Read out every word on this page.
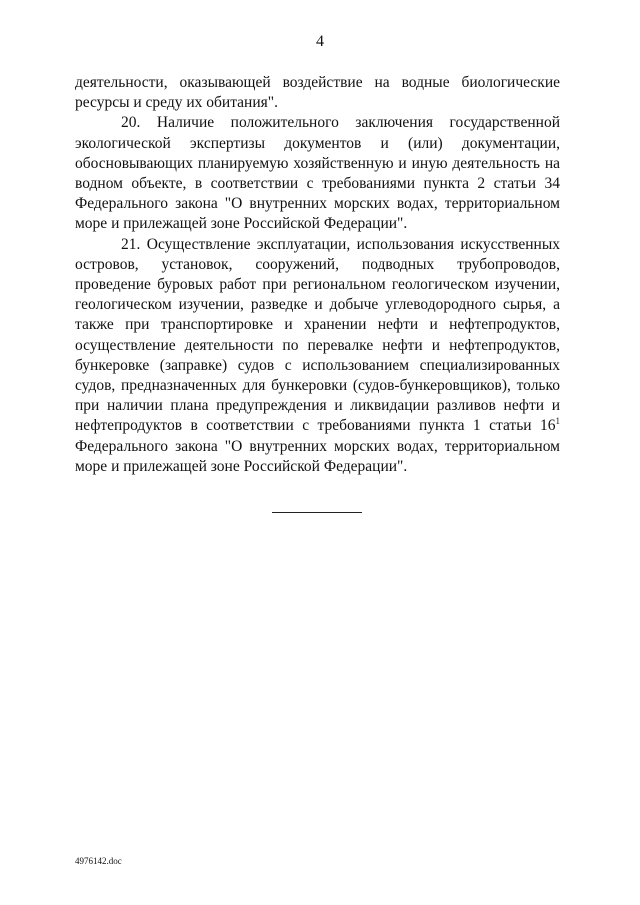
4

деятельности, оказывающей воздействие на водные биологические ресурсы и среду их обитания".

20. Наличие положительного заключения государственной экологической экспертизы документов и (или) документации, обосновывающих планируемую хозяйственную и иную деятельность на водном объекте, в соответствии с требованиями пункта 2 статьи 34 Федерального закона "О внутренних морских водах, территориальном море и прилежащей зоне Российской Федерации".

21. Осуществление эксплуатации, использования искусственных островов, установок, сооружений, подводных трубопроводов, проведение буровых работ при региональном геологическом изучении, геологическом изучении, разведке и добыче углеводородного сырья, а также при транспортировке и хранении нефти и нефтепродуктов, осуществление деятельности по перевалке нефти и нефтепродуктов, бункеровке (заправке) судов с использованием специализированных судов, предназначенных для бункеровки (судов-бункеровщиков), только при наличии плана предупреждения и ликвидации разливов нефти и нефтепродуктов в соответствии с требованиями пункта 1 статьи $16^1$ Федерального закона "О внутренних морских водах, территориальном море и прилежащей зоне Российской Федерации".

4976142.doc
